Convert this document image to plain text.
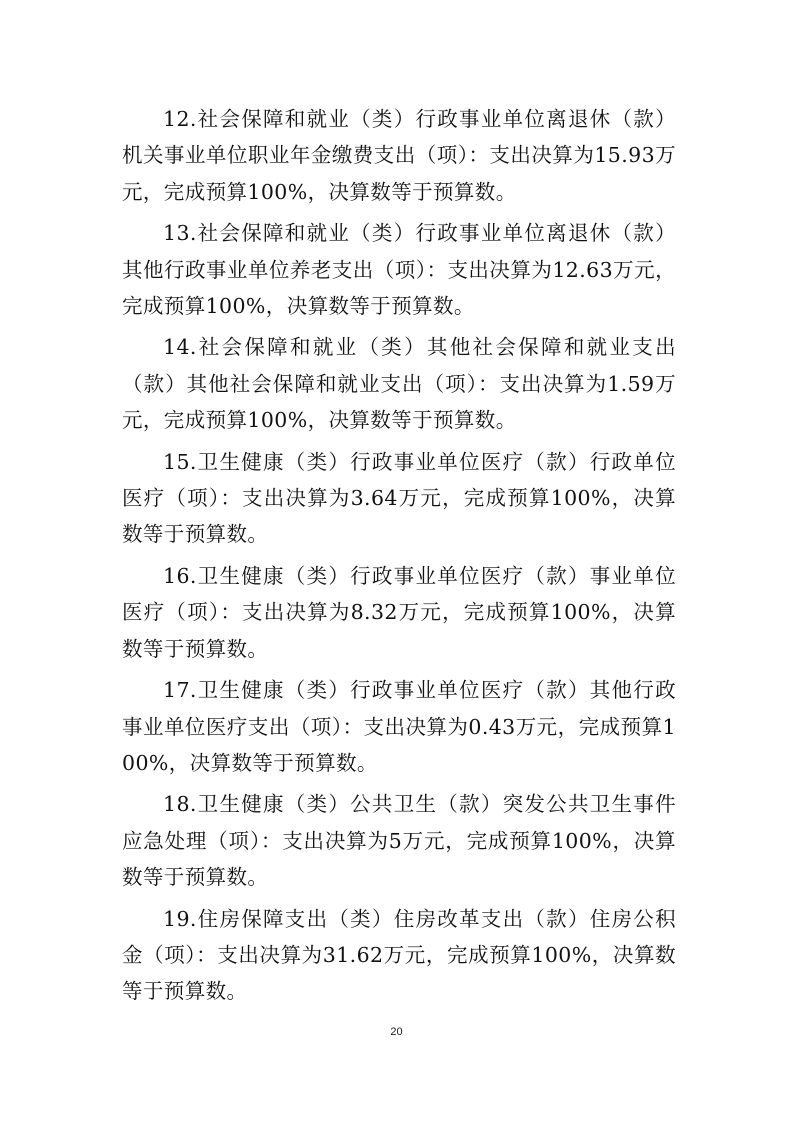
12.社会保障和就业（类）行政事业单位离退休（款）机关事业单位职业年金缴费支出（项）：支出决算为15.93万元，完成预算100%，决算数等于预算数。

13.社会保障和就业（类）行政事业单位离退休（款）其他行政事业单位养老支出（项）：支出决算为12.63万元，完成预算100%，决算数等于预算数。

14.社会保障和就业（类）其他社会保障和就业支出（款）其他社会保障和就业支出（项）：支出决算为1.59万元，完成预算100%，决算数等于预算数。

15.卫生健康（类）行政事业单位医疗（款）行政单位医疗（项）：支出决算为3.64万元，完成预算100%，决算数等于预算数。

16.卫生健康（类）行政事业单位医疗（款）事业单位医疗（项）：支出决算为8.32万元，完成预算100%，决算数等于预算数。

17.卫生健康（类）行政事业单位医疗（款）其他行政事业单位医疗支出（项）：支出决算为0.43万元，完成预算100%，决算数等于预算数。

18.卫生健康（类）公共卫生（款）突发公共卫生事件应急处理（项）：支出决算为5万元，完成预算100%，决算数等于预算数。

19.住房保障支出（类）住房改革支出（款）住房公积金（项）：支出决算为31.62万元，完成预算100%，决算数等于预算数。

20
